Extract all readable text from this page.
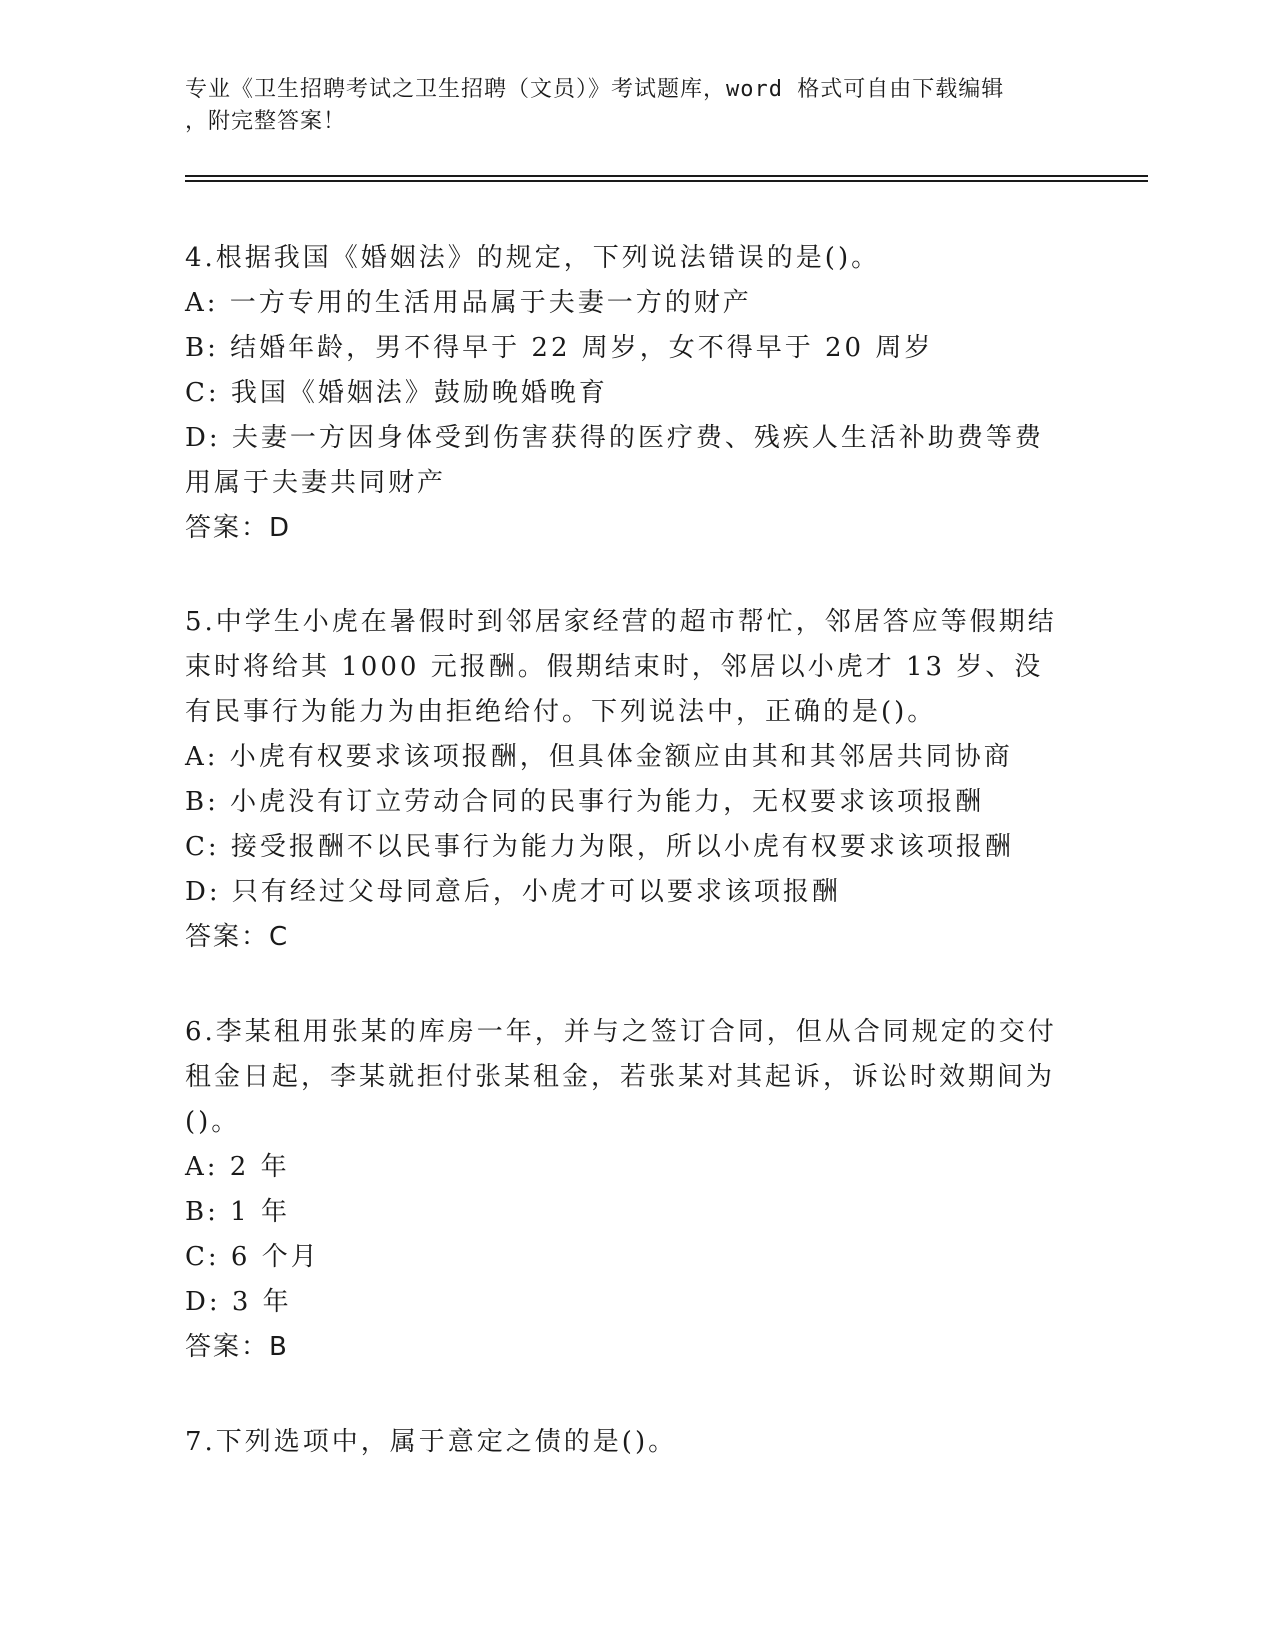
专业《卫生招聘考试之卫生招聘（文员）》考试题库，word 格式可自由下载编辑
，附完整答案！

4.根据我国《婚姻法》的规定，下列说法错误的是()。

A: 一方专用的生活用品属于夫妻一方的财产

B: 结婚年龄，男不得早于 22 周岁，女不得早于 20 周岁

C: 我国《婚姻法》鼓励晚婚晚育

D: 夫妻一方因身体受到伤害获得的医疗费、残疾人生活补助费等费用属于夫妻共同财产

答案：D

5.中学生小虎在暑假时到邻居家经营的超市帮忙，邻居答应等假期结束时将给其 1000 元报酬。假期结束时，邻居以小虎才 13 岁、没有民事行为能力为由拒绝给付。下列说法中，正确的是()。

A: 小虎有权要求该项报酬，但具体金额应由其和其邻居共同协商

B: 小虎没有订立劳动合同的民事行为能力，无权要求该项报酬

C: 接受报酬不以民事行为能力为限，所以小虎有权要求该项报酬

D: 只有经过父母同意后，小虎才可以要求该项报酬

答案：C

6.李某租用张某的库房一年，并与之签订合同，但从合同规定的交付租金日起，李某就拒付张某租金，若张某对其起诉，诉讼时效期间为()。

A: 2 年

B: 1 年

C: 6 个月

D: 3 年

答案：B

7.下列选项中，属于意定之债的是()。
